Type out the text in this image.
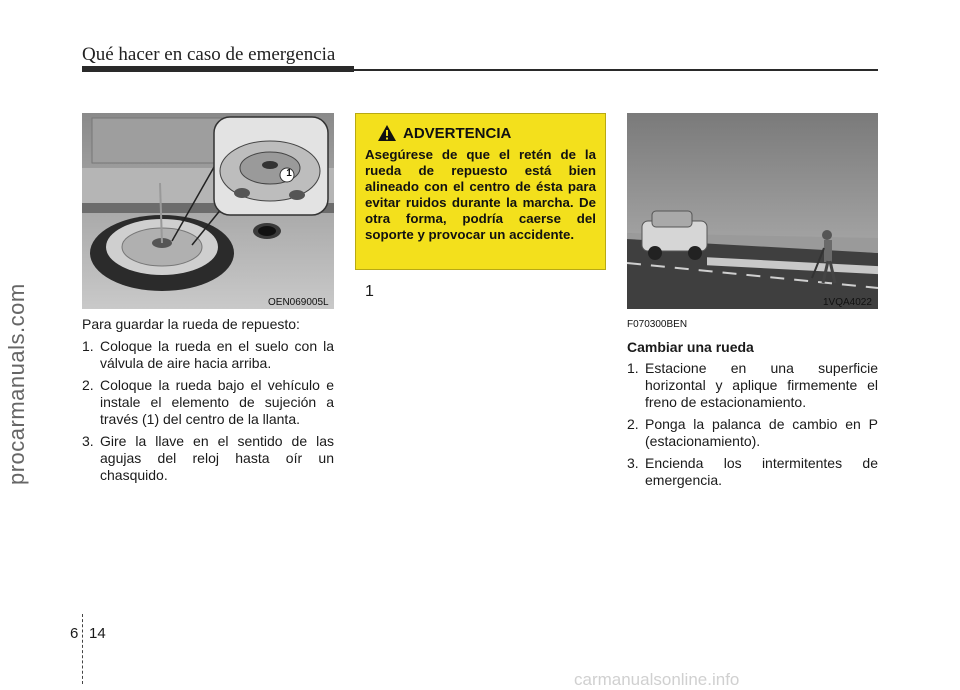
Qué hacer en caso de emergencia
procarmanuals.com	1
1
OEN069005L

Para guardar la rueda de repuesto:

1. Coloque la rueda en el suelo con la válvula de aire hacia arriba.
2. Coloque la rueda bajo el vehículo e instale el elemento de sujeción a través (1) del centro de la llanta.
3. Gire la llave en el sentido de las agujas del reloj hasta oír un chasquido.
ADVERTENCIA
Asegúrese de que el retén de la rueda de repuesto está bien alineado con el centro de ésta para evitar ruidos durante la marcha. De otra forma, podría caerse del soporte y provocar un accidente.
1VQA4022
F070300BEN
Cambiar una rueda
1. Estacione en una superficie horizontal y aplique firmemente el freno de estacionamiento.
2. Ponga la palanca de cambio en P (estacionamiento).
3. Encienda los intermitentes de emergencia.
6 14
carmanualsonline.info
